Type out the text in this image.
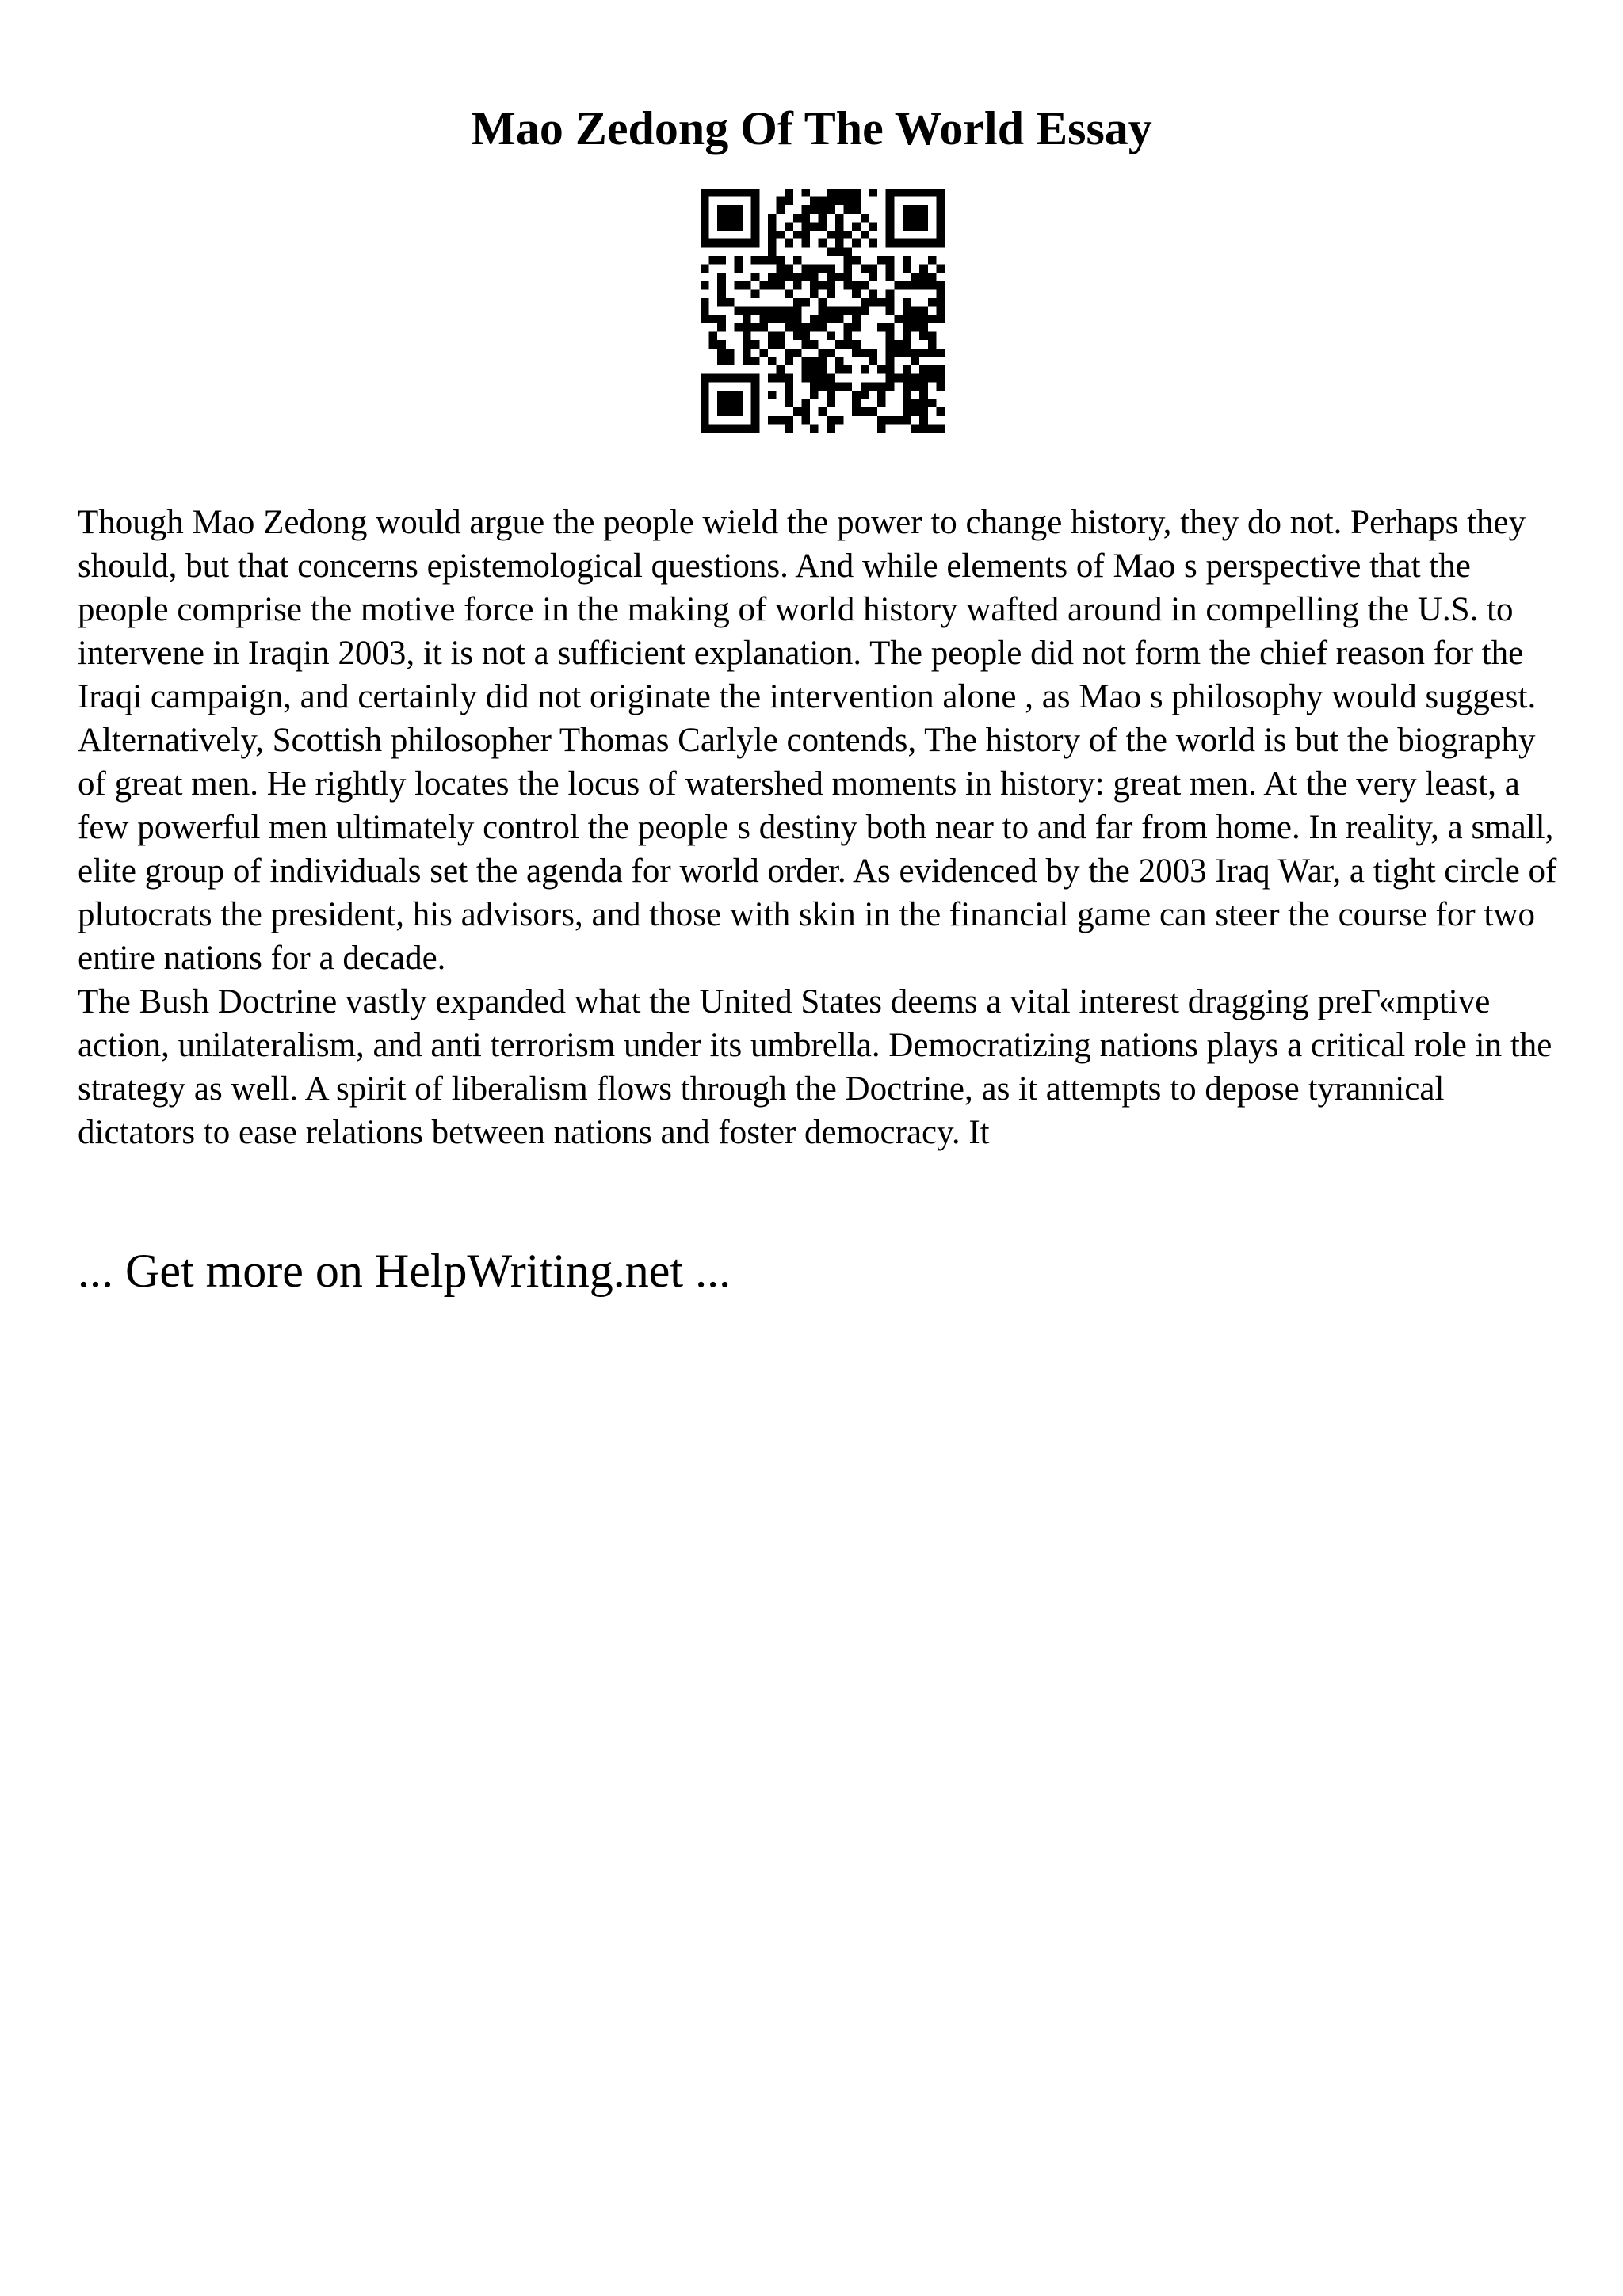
Mao Zedong Of The World Essay

Though Mao Zedong would argue the people wield the power to change history, they do not. Perhaps they should, but that concerns epistemological questions. And while elements of Mao s perspective that the people comprise the motive force in the making of world history wafted around in compelling the U.S. to intervene in Iraqin 2003, it is not a sufficient explanation. The people did not form the chief reason for the Iraqi campaign, and certainly did not originate the intervention alone , as Mao s philosophy would suggest. Alternatively, Scottish philosopher Thomas Carlyle contends, The history of the world is but the biography of great men. He rightly locates the locus of watershed moments in history: great men. At the very least, a few powerful men ultimately control the people s destiny both near to and far from home. In reality, a small, elite group of individuals set the agenda for world order. As evidenced by the 2003 Iraq War, a tight circle of plutocrats the president, his advisors, and those with skin in the financial game can steer the course for two entire nations for a decade.

The Bush Doctrine vastly expanded what the United States deems a vital interest dragging preГ«mptive action, unilateralism, and anti terrorism under its umbrella. Democratizing nations plays a critical role in the strategy as well. A spirit of liberalism flows through the Doctrine, as it attempts to depose tyrannical dictators to ease relations between nations and foster democracy. It

... Get more on HelpWriting.net ...
